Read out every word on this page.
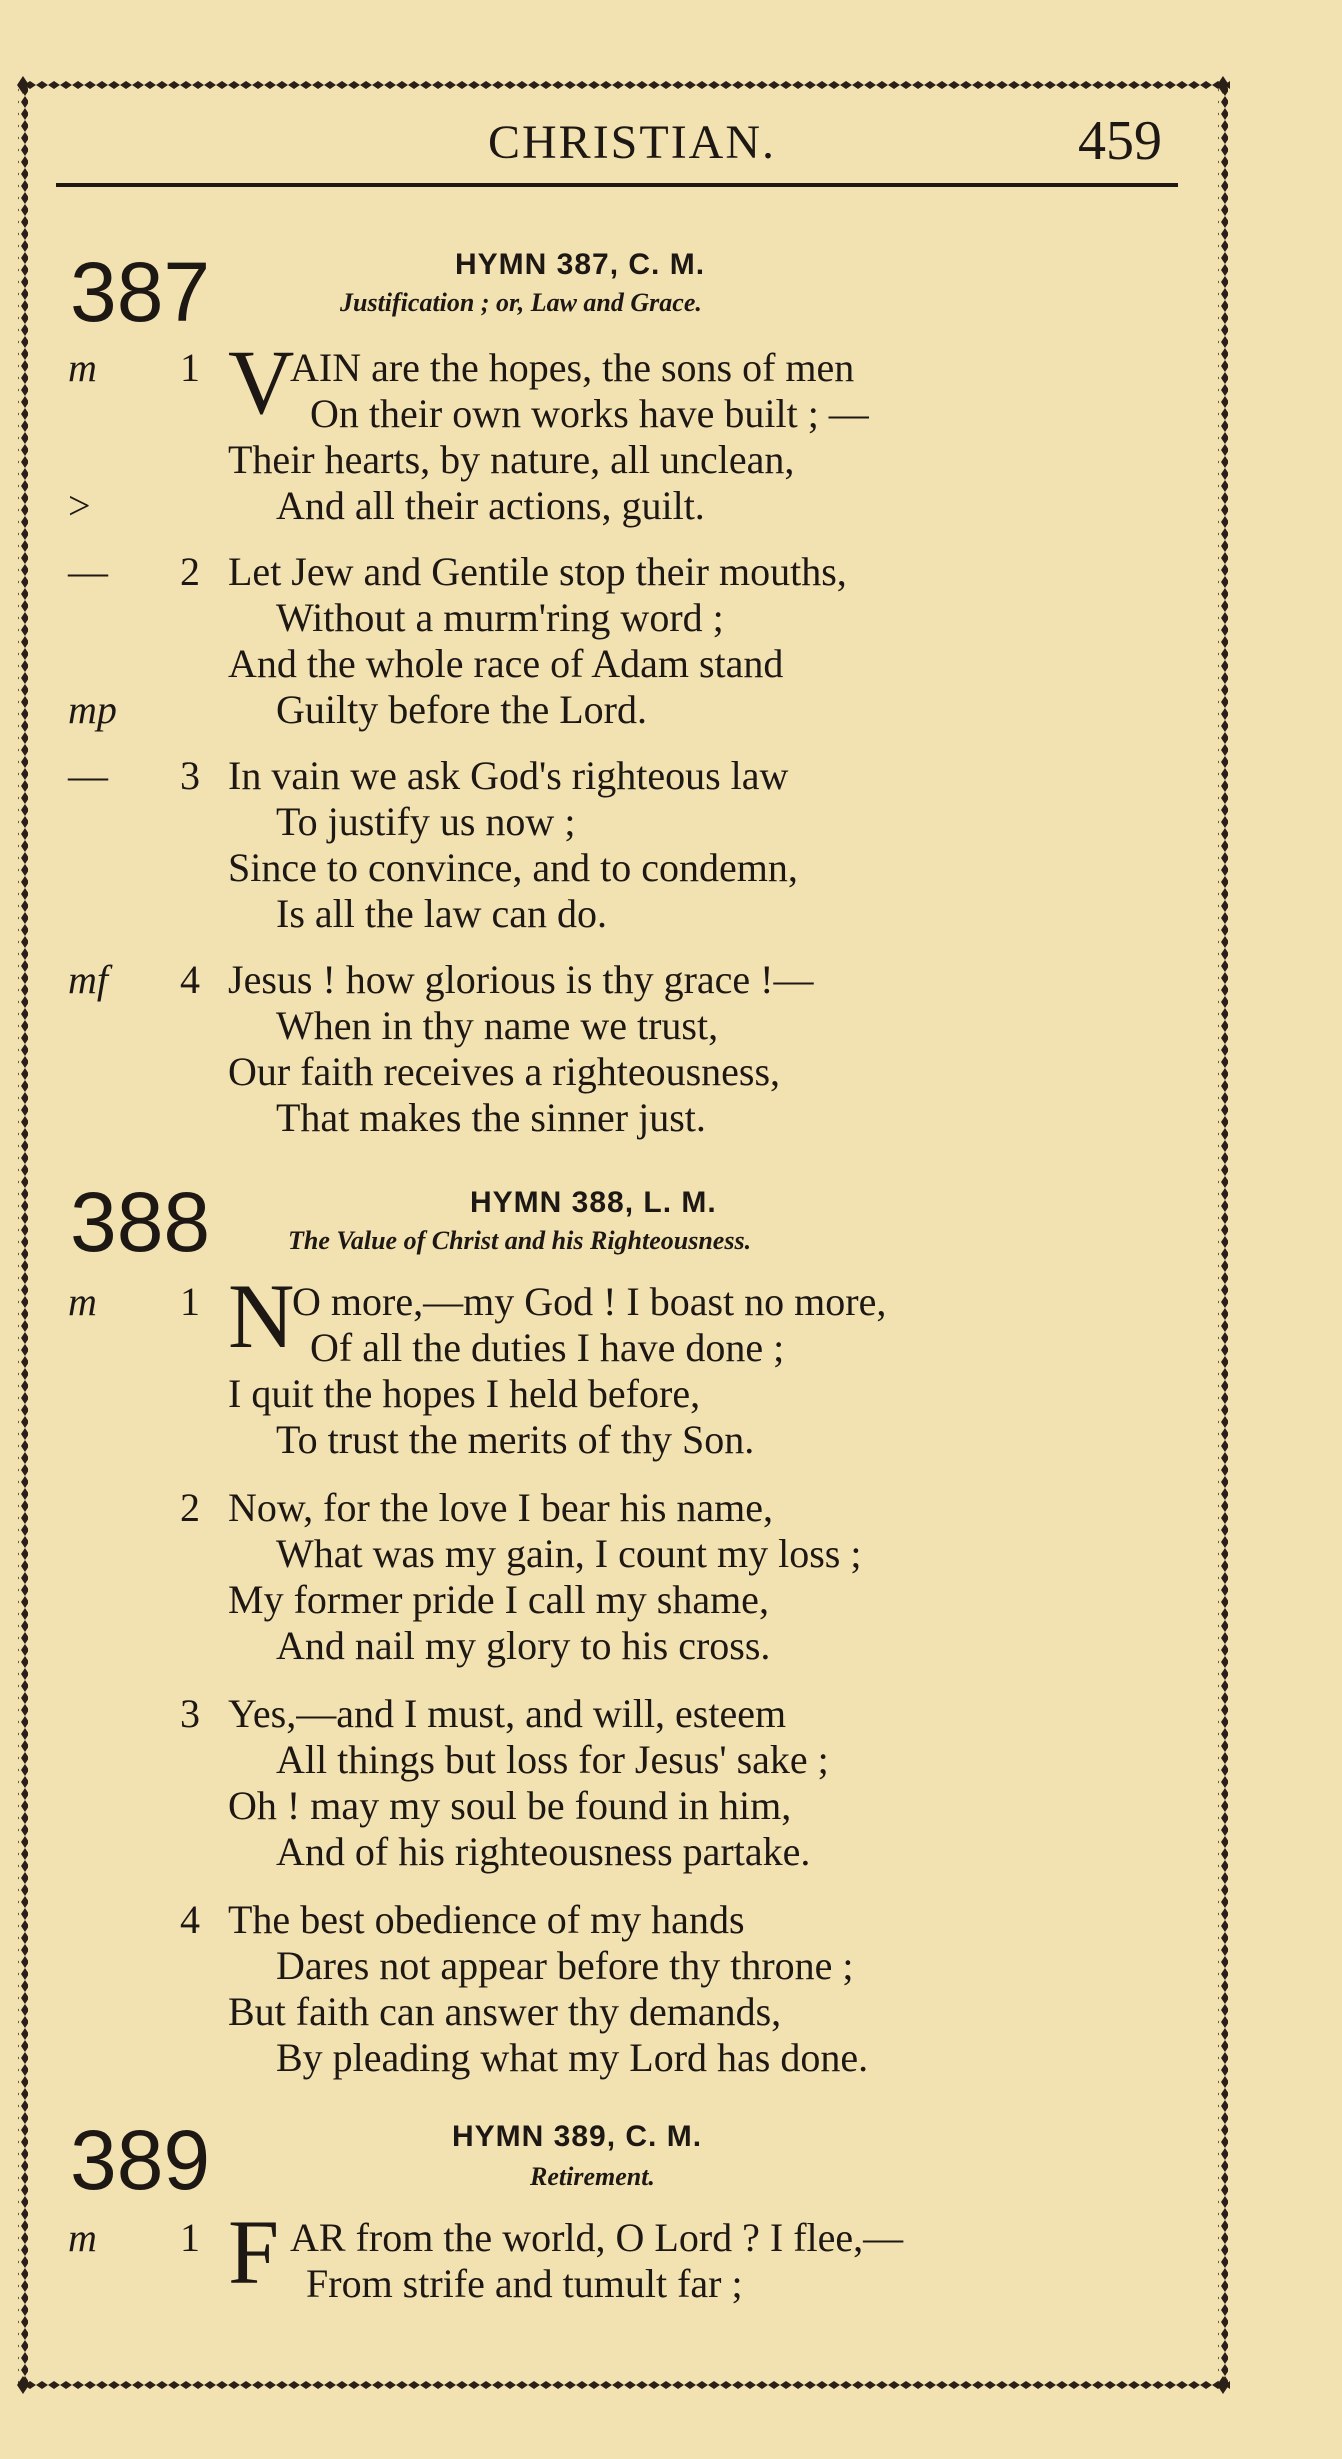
CHRISTIAN.	459
387	HYMN 387, C. M.
Justification ; or, Law and Grace.
m 1 V
AIN are the hopes, the sons of men
On their own works have built ; —
Their hearts, by nature, all unclean,
>	And all their actions, guilt.
— 2 Let Jew and Gentile stop their mouths,
Without a murm'ring word ;
And the whole race of Adam stand
mp	Guilty before the Lord.
— 3 In vain we ask God's righteous law
To justify us now ;
Since to convince, and to condemn,
Is all the law can do.
mf 4 Jesus ! how glorious is thy grace !—
When in thy name we trust,
Our faith receives a righteousness,
That makes the sinner just.
388	HYMN 388, L. M.
The Value of Christ and his Righteousness.
m 1 N
O more,—my God ! I boast no more,
Of all the duties I have done ;
I quit the hopes I held before,
To trust the merits of thy Son.
2 Now, for the love I bear his name,
What was my gain, I count my loss ;
My former pride I call my shame,
And nail my glory to his cross.
3 Yes,—and I must, and will, esteem
All things but loss for Jesus' sake ;
Oh ! may my soul be found in him,
And of his righteousness partake.
4 The best obedience of my hands
Dares not appear before thy throne ;
But faith can answer thy demands,
By pleading what my Lord has done.
389	HYMN 389, C. M.
Retirement.
m 1 F AR from the world, O Lord ? I flee,—
From strife and tumult far ;
